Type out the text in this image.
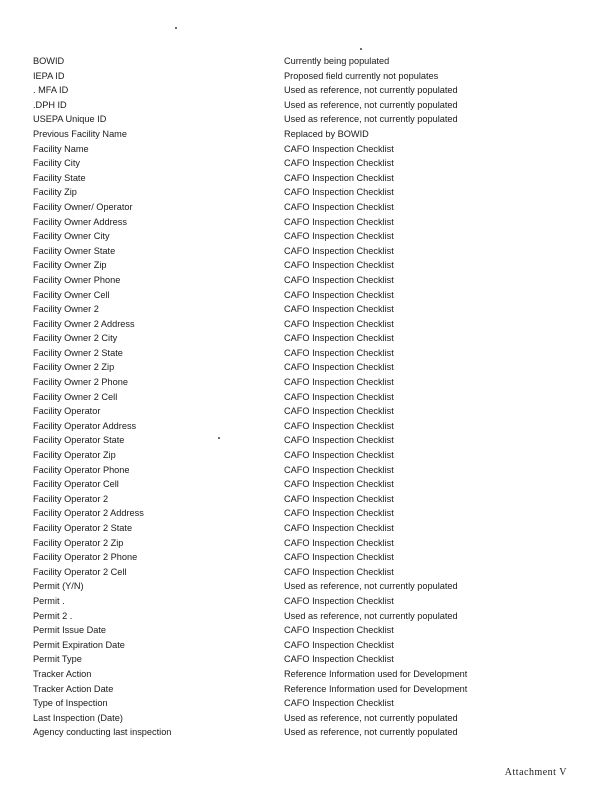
BOWID	Currently being populated
IEPA ID	Proposed field currently not populates
. MFA ID	Used as reference, not currently populated
.DPH ID	Used as reference, not currently populated
USEPA Unique ID	Used as reference, not currently populated
Previous Facility Name	Replaced by BOWID
Facility Name	CAFO Inspection Checklist
Facility City	CAFO Inspection Checklist
Facility State	CAFO Inspection Checklist
Facility Zip	CAFO Inspection Checklist
Facility Owner/ Operator	CAFO Inspection Checklist
Facility Owner Address	CAFO Inspection Checklist
Facility Owner City	CAFO Inspection Checklist
Facility Owner State	CAFO Inspection Checklist
Facility Owner Zip	CAFO Inspection Checklist
Facility Owner Phone	CAFO Inspection Checklist
Facility Owner Cell	CAFO Inspection Checklist
Facility Owner 2	CAFO Inspection Checklist
Facility Owner 2 Address	CAFO Inspection Checklist
Facility Owner 2 City	CAFO Inspection Checklist
Facility Owner 2 State	CAFO Inspection Checklist
Facility Owner 2 Zip	CAFO Inspection Checklist
Facility Owner 2 Phone	CAFO Inspection Checklist
Facility Owner 2 Cell	CAFO Inspection Checklist
Facility Operator	CAFO Inspection Checklist
Facility Operator Address	CAFO Inspection Checklist
Facility Operator State	CAFO Inspection Checklist
Facility Operator Zip	CAFO Inspection Checklist
Facility Operator Phone	CAFO Inspection Checklist
Facility Operator Cell	CAFO Inspection Checklist
Facility Operator 2	CAFO Inspection Checklist
Facility Operator 2 Address	CAFO Inspection Checklist
Facility Operator 2 State	CAFO Inspection Checklist
Facility Operator 2 Zip	CAFO Inspection Checklist
Facility Operator 2 Phone	CAFO Inspection Checklist
Facility Operator 2 Cell	CAFO Inspection Checklist
Permit (Y/N)	Used as reference, not currently populated
Permit .	CAFO Inspection Checklist
Permit 2 .	Used as reference, not currently populated
Permit Issue Date	CAFO Inspection Checklist
Permit Expiration Date	CAFO Inspection Checklist
Permit Type	CAFO Inspection Checklist
Tracker Action	Reference Information used for Development
Tracker Action Date	Reference Information used for Development
Type of Inspection	CAFO Inspection Checklist
Last Inspection (Date)	Used as reference, not currently populated
Agency conducting last inspection	Used as reference, not currently populated
Attachment V
